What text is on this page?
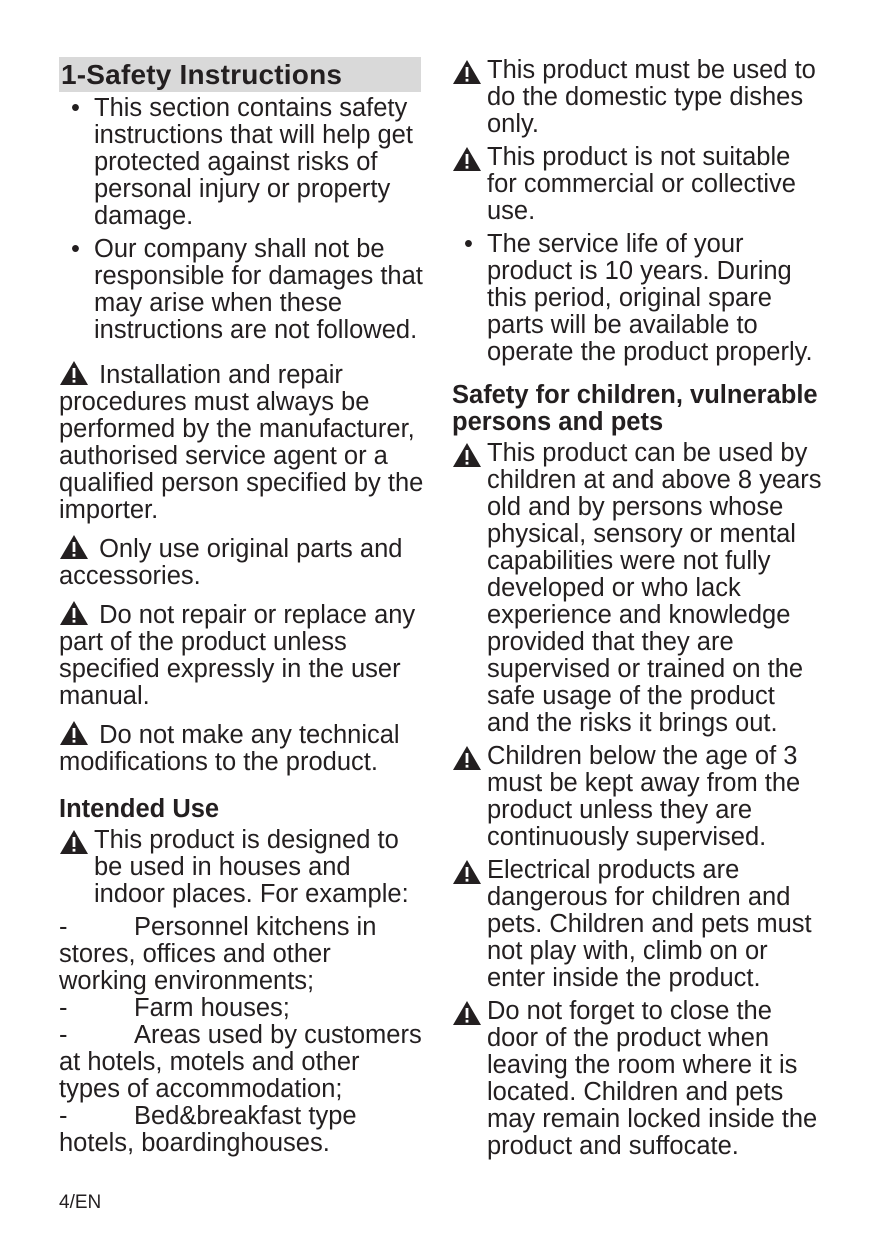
1-Safety Instructions
• This section contains safety instructions that will help get protected against risks of personal injury or property damage.
• Our company shall not be responsible for damages that may arise when these instructions are not followed.

Installation and repair procedures must always be performed by the manufacturer, authorised service agent or a qualified person specified by the importer.

Only use original parts and accessories.

Do not repair or replace any part of the product unless specified expressly in the user manual.

Do not make any technical modifications to the product.

Intended Use

This product is designed to be used in houses and indoor places. For example:

-	Personnel kitchens in stores, offices and other working environments;

-	Farm houses;

-	Areas used by customers at hotels, motels and other types of accommodation;

-	Bed&breakfast type hotels, boardinghouses.

This product must be used to do the domestic type dishes only.

This product is not suitable for commercial or collective use.

• The service life of your product is 10 years. During this period, original spare parts will be available to operate the product properly.
Safety for children, vulnerable persons and pets

This product can be used by children at and above 8 years old and by persons whose physical, sensory or mental capabilities were not fully developed or who lack experience and knowledge provided that they are supervised or trained on the safe usage of the product and the risks it brings out.

Children below the age of 3 must be kept away from the product unless they are continuously supervised.

Electrical products are dangerous for children and pets. Children and pets must not play with, climb on or enter inside the product.

Do not forget to close the door of the product when leaving the room where it is located. Children and pets may remain locked inside the product and suffocate.

4/EN
